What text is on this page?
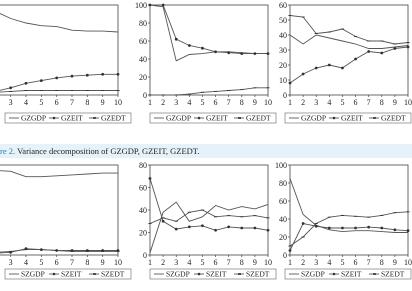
re 2. Variance decomposition of GZGDP, GZEIT, GZEDT.
3 4 5 6 7 8 9 10
GZGDP GZEIT GZEDT
0
20
40
60
80
100
1 2 3 4 5 6 7 8 9 10
GZGDP GZEIT GZEDT
0
10
20
30
40
50
60
1 2 3 4 5 6 7 8 9 10
GZGDP GZEIT GZEDT
3 4 5 6 7 8 9 10
SZGDP SZEIT	SZEDT
0
20
40
60
80
1 2 3 4 5 6 7 8 9 10
SZGDP SZEIT	SZEDT
0
20
40
60
80
100
1 2 3 4 5 6 7 8 9 10
SZGDP SZEIT	SZEDT
